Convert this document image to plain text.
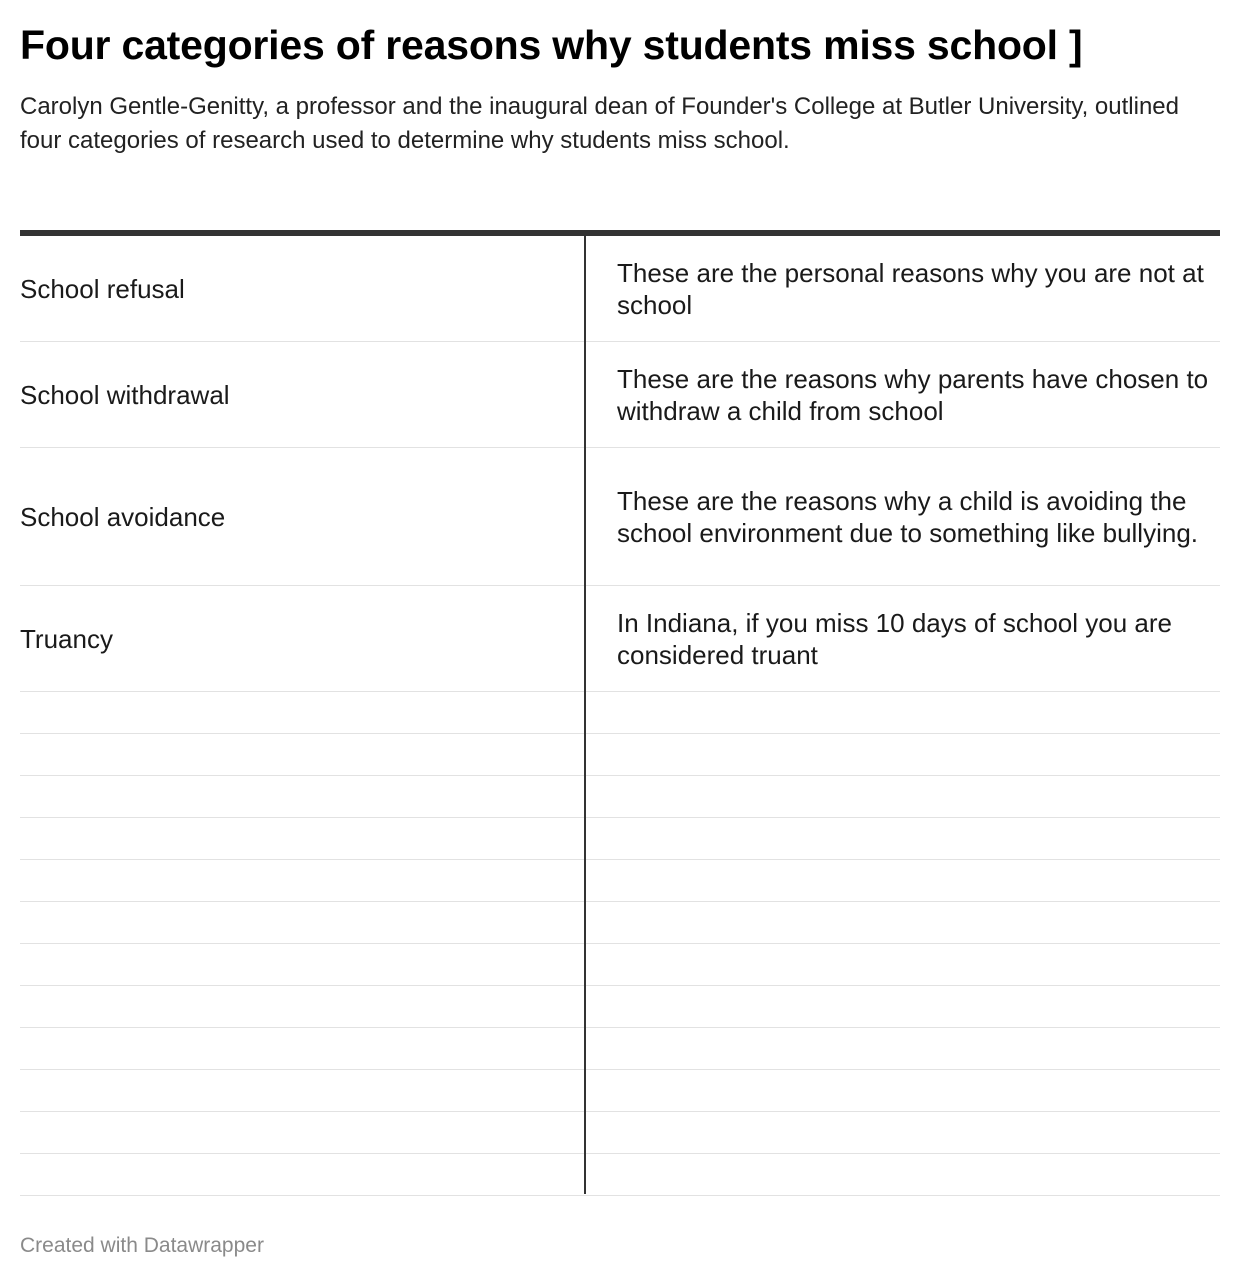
Four categories of reasons why students miss school ]

Carolyn Gentle-Genitty, a professor and the inaugural dean of Founder's College at Butler University, outlined four categories of research used to determine why students miss school.

School refusal
These are the personal reasons why you are not at school
School withdrawal
These are the reasons why parents have chosen to withdraw a child from school
School avoidance
These are the reasons why a child is avoiding the school environment due to something like bullying.
Truancy
In Indiana, if you miss 10 days of school you are considered truant
Created with Datawrapper
